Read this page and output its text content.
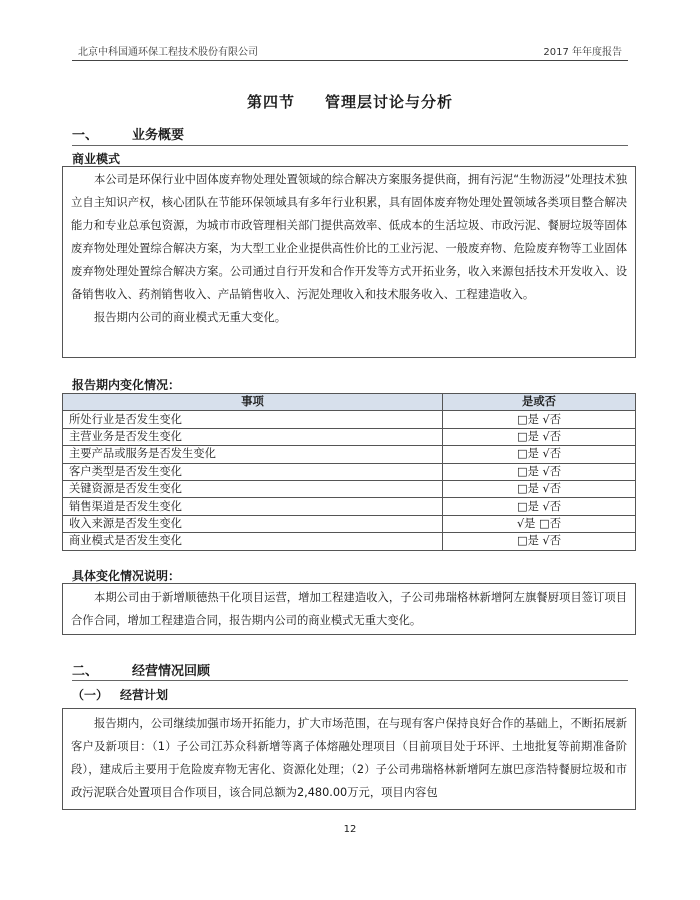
北京中科国通环保工程技术股份有限公司	2017 年年度报告
第四节 管理层讨论与分析
一、	业务概要
商业模式

本公司是环保行业中固体废弃物处理处置领域的综合解决方案服务提供商，拥有污泥“生物沥浸”处理技术独立自主知识产权，核心团队在节能环保领域具有多年行业积累，具有固体废弃物处理处置领域各类项目整合解决能力和专业总承包资源，为城市市政管理相关部门提供高效率、低成本的生活垃圾、市政污泥、餐厨垃圾等固体废弃物处理处置综合解决方案，为大型工业企业提供高性价比的工业污泥、一般废弃物、危险废弃物等工业固体废弃物处理处置综合解决方案。公司通过自行开发和合作开发等方式开拓业务，收入来源包括技术开发收入、设备销售收入、药剂销售收入、产品销售收入、污泥处理收入和技术服务收入、工程建造收入。

报告期内公司的商业模式无重大变化。

报告期内变化情况：
事项	是或否
所处行业是否发生变化	□是 √否
主营业务是否发生变化	□是 √否
主要产品或服务是否发生变化	□是 √否
客户类型是否发生变化	□是 √否
关键资源是否发生变化	□是 √否
销售渠道是否发生变化	□是 √否
收入来源是否发生变化	√是 □否
商业模式是否发生变化	□是 √否
具体变化情况说明：

本期公司由于新增顺德热干化项目运营，增加工程建造收入，子公司弗瑞格林新增阿左旗餐厨项目签订项目合作合同，增加工程建造合同，报告期内公司的商业模式无重大变化。

二、	经营情况回顾
（一） 经营计划

报告期内，公司继续加强市场开拓能力，扩大市场范围，在与现有客户保持良好合作的基础上，不断拓展新客户及新项目：（1）子公司江苏众科新增等离子体熔融处理项目（目前项目处于环评、土地批复等前期准备阶段），建成后主要用于危险废弃物无害化、资源化处理；（2）子公司弗瑞格林新增阿左旗巴彦浩特餐厨垃圾和市政污泥联合处置项目合作项目，该合同总额为2,480.00万元，项目内容包

12
